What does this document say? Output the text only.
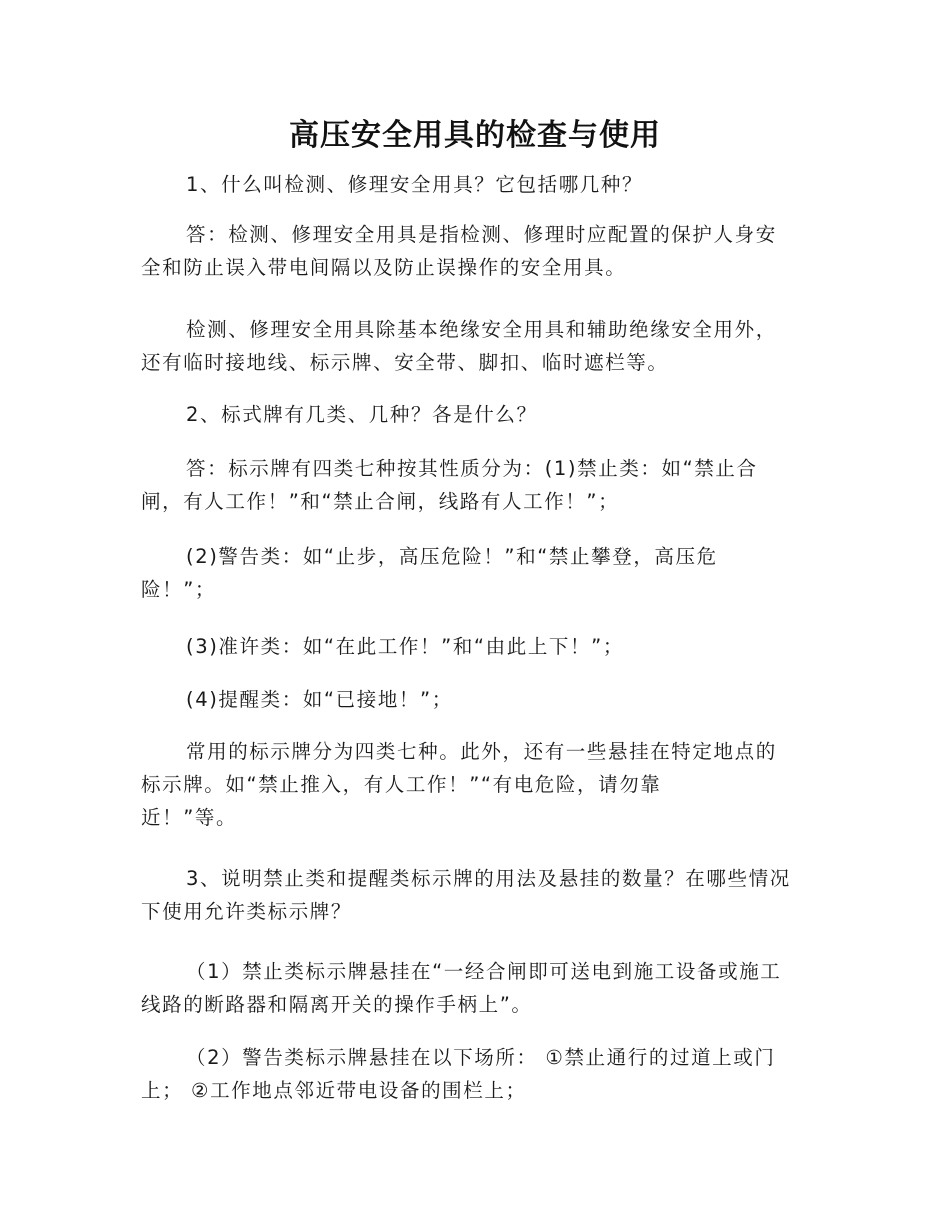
高压安全用具的检查与使用

1、什么叫检测、修理安全用具？它包括哪几种？

答：检测、修理安全用具是指检测、修理时应配置的保护人身安
全和防止误入带电间隔以及防止误操作的安全用具。

检测、修理安全用具除基本绝缘安全用具和辅助绝缘安全用外，
还有临时接地线、标示牌、安全带、脚扣、临时遮栏等。

2、标式牌有几类、几种？各是什么？

答：标示牌有四类七种按其性质分为：(1)禁止类：如“禁止合
闸，有人工作！”和“禁止合闸，线路有人工作！”；

(2)警告类：如“止步，高压危险！”和“禁止攀登，高压危
险！”；

(3)准许类：如“在此工作！”和“由此上下！”；

(4)提醒类：如“已接地！”；

常用的标示牌分为四类七种。此外，还有一些悬挂在特定地点的
标示牌。如“禁止推入，有人工作！”“有电危险，请勿靠
近！”等。

3、说明禁止类和提醒类标示牌的用法及悬挂的数量？在哪些情况
下使用允许类标示牌？

（1）禁止类标示牌悬挂在“一经合闸即可送电到施工设备或施工
线路的断路器和隔离开关的操作手柄上”。

（2）警告类标示牌悬挂在以下场所： ①禁止通行的过道上或门
上； ②工作地点邻近带电设备的围栏上；
